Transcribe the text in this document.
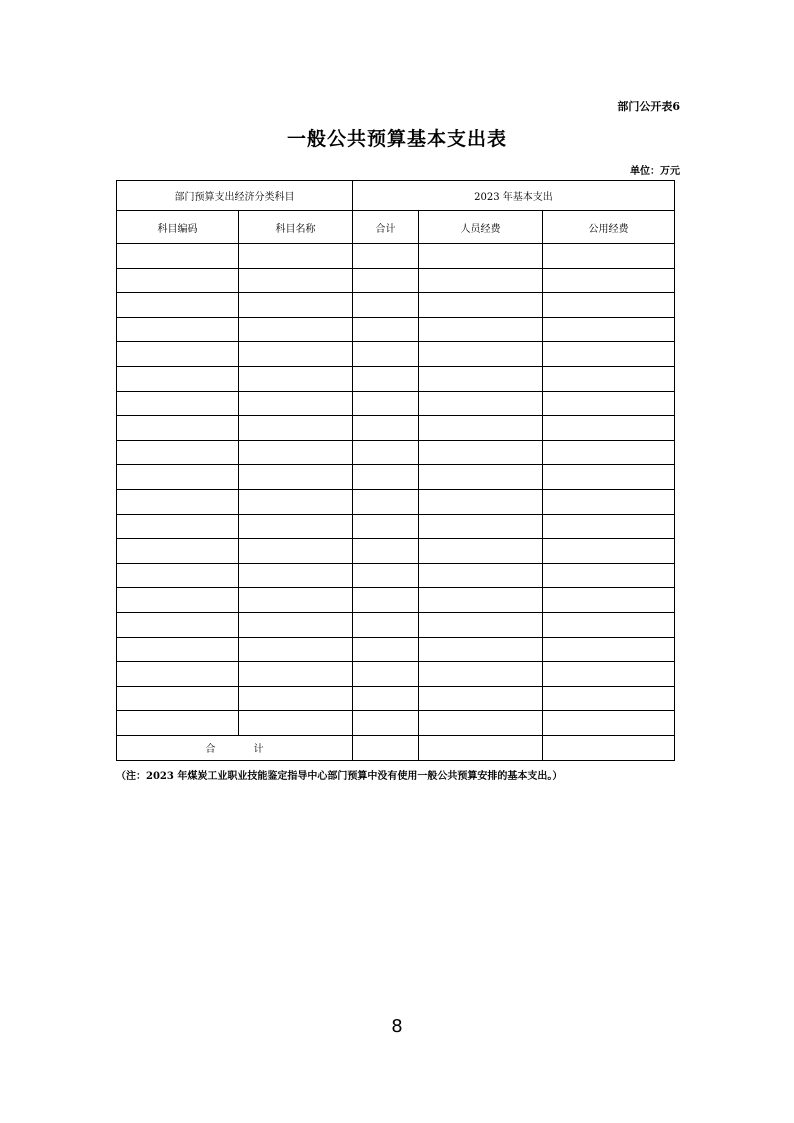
部门公开表6
一般公共预算基本支出表
单位：万元
部门预算支出经济分类科目		2023 年基本支出		
科目编码	科目名称	合计	人员经费	公用经费

合　计				
（注：2023 年煤炭工业职业技能鉴定指导中心部门预算中没有使用一般公共预算安排的基本支出。）
8
